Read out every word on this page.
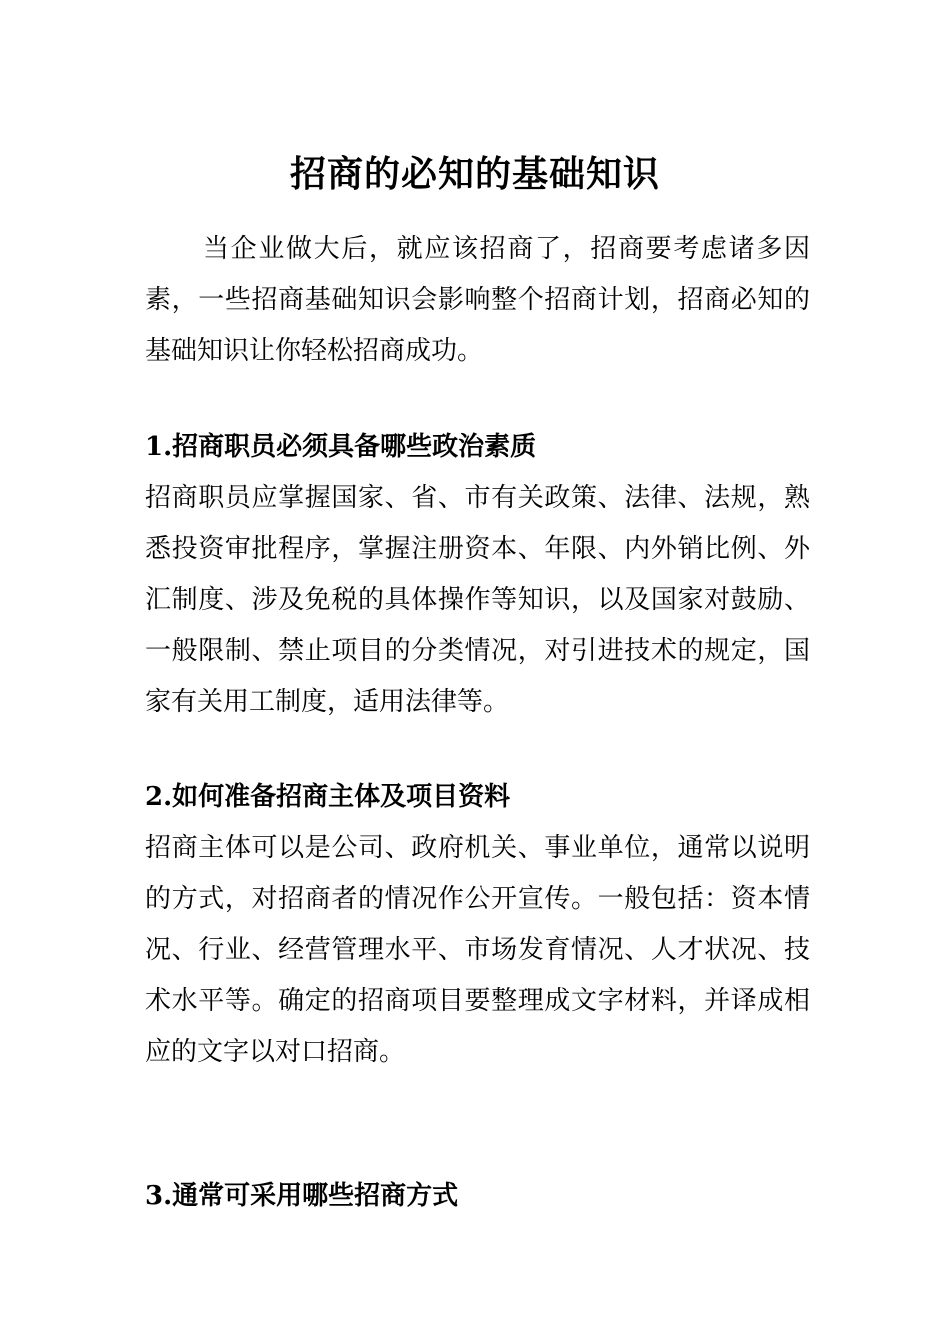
招商的必知的基础知识

当企业做大后，就应该招商了，招商要考虑诸多因素，一些招商基础知识会影响整个招商计划，招商必知的基础知识让你轻松招商成功。

1.招商职员必须具备哪些政治素质

招商职员应掌握国家、省、市有关政策、法律、法规，熟悉投资审批程序，掌握注册资本、年限、内外销比例、外汇制度、涉及免税的具体操作等知识，以及国家对鼓励、一般限制、禁止项目的分类情况，对引进技术的规定，国家有关用工制度，适用法律等。

2.如何准备招商主体及项目资料

招商主体可以是公司、政府机关、事业单位，通常以说明的方式，对招商者的情况作公开宣传。一般包括：资本情况、行业、经营管理水平、市场发育情况、人才状况、技术水平等。确定的招商项目要整理成文字材料，并译成相应的文字以对口招商。

3.通常可采用哪些招商方式
